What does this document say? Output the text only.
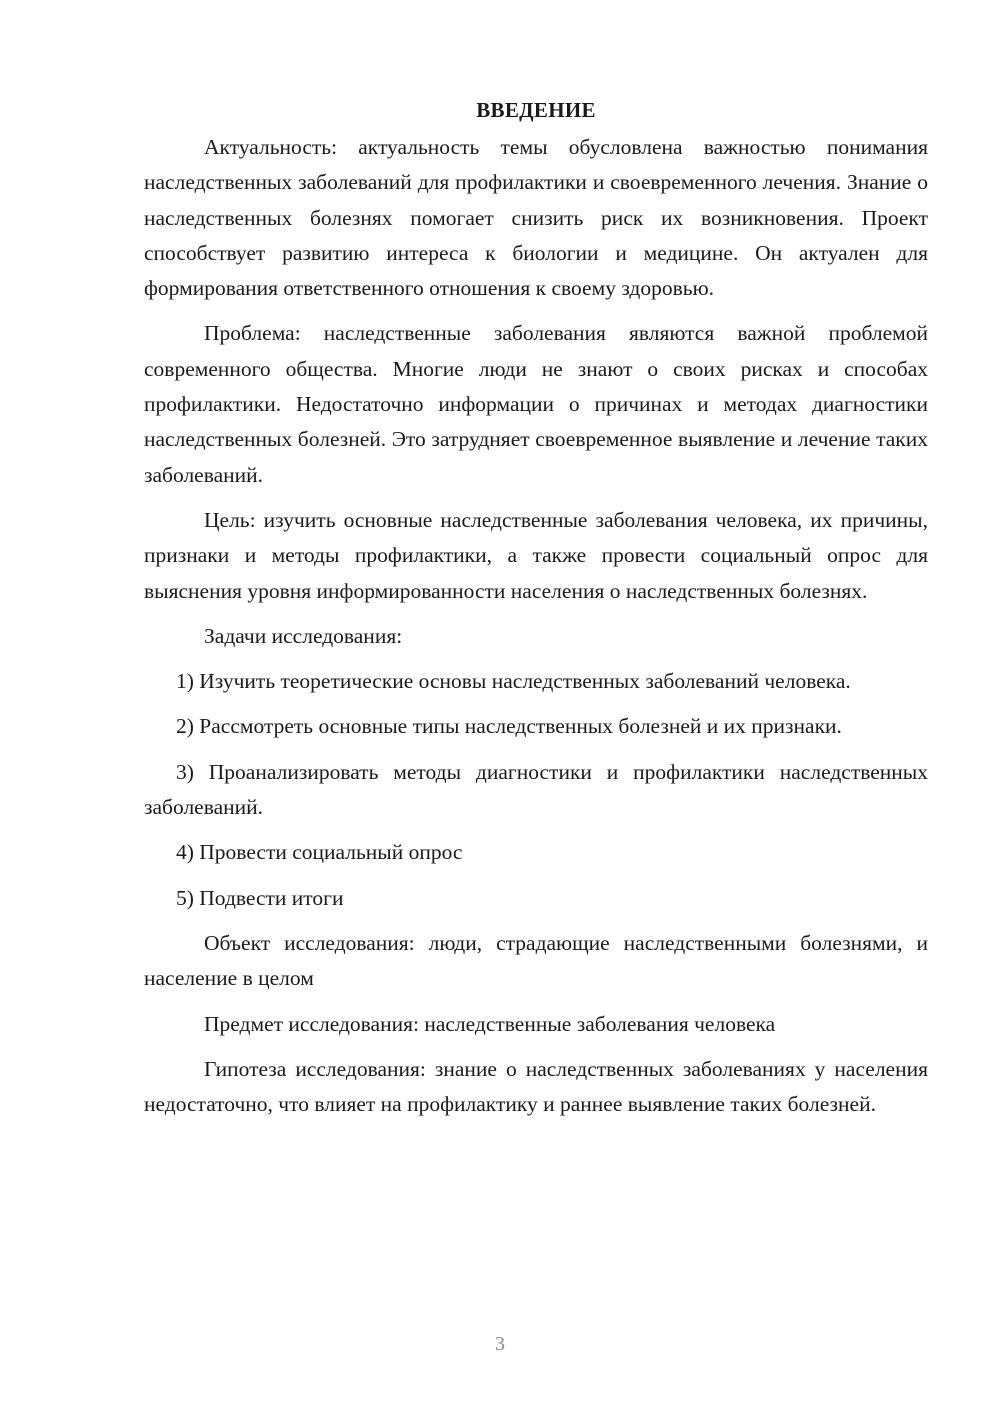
ВВЕДЕНИЕ

Актуальность: актуальность темы обусловлена важностью понимания наследственных заболеваний для профилактики и своевременного лечения. Знание о наследственных болезнях помогает снизить риск их возникновения. Проект способствует развитию интереса к биологии и медицине. Он актуален для формирования ответственного отношения к своему здоровью.

Проблема: наследственные заболевания являются важной проблемой современного общества. Многие люди не знают о своих рисках и способах профилактики. Недостаточно информации о причинах и методах диагностики наследственных болезней. Это затрудняет своевременное выявление и лечение таких заболеваний.

Цель: изучить основные наследственные заболевания человека, их причины, признаки и методы профилактики, а также провести социальный опрос для выяснения уровня информированности населения о наследственных болезнях.

Задачи исследования:

1) Изучить теоретические основы наследственных заболеваний человека.

2) Рассмотреть основные типы наследственных болезней и их признаки.

3) Проанализировать методы диагностики и профилактики наследственных заболеваний.

4) Провести социальный опрос

5) Подвести итоги

Объект исследования: люди, страдающие наследственными болезнями, и население в целом

Предмет исследования: наследственные заболевания человека

Гипотеза исследования: знание о наследственных заболеваниях у населения недостаточно, что влияет на профилактику и раннее выявление таких болезней.

3
